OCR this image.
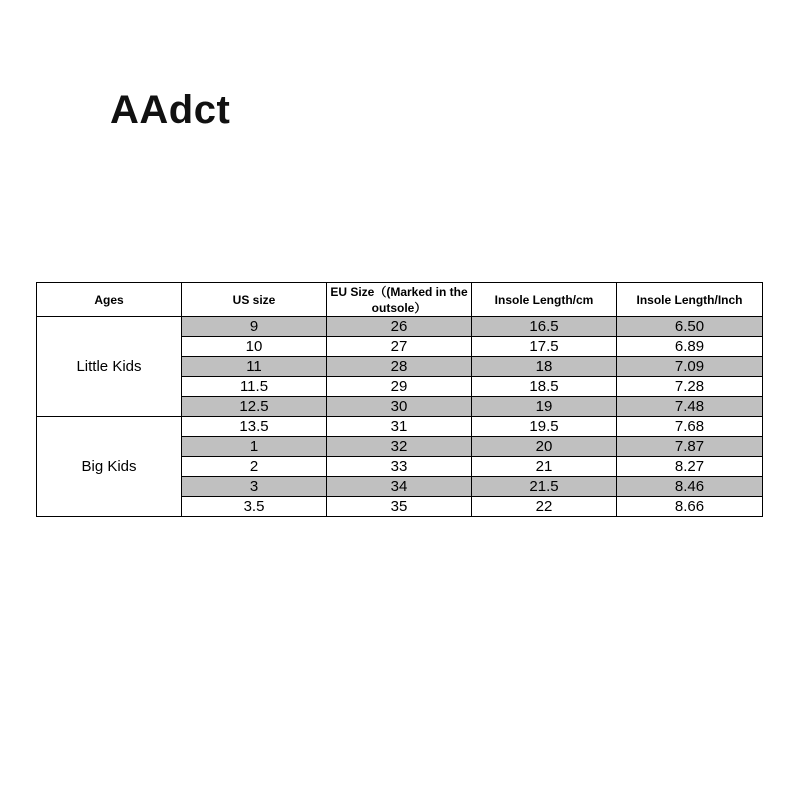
AAdct
Ages	US size	EU Size（(Marked in the outsole）	Insole Length/cm	Insole Length/Inch
Little Kids	9	26	16.5	6.50
	10	27	17.5	6.89
	11	28	18	7.09
	11.5	29	18.5	7.28
	12.5	30	19	7.48
Big Kids	13.5	31	19.5	7.68
	1	32	20	7.87
	2	33	21	8.27
	3	34	21.5	8.46
	3.5	35	22	8.66
